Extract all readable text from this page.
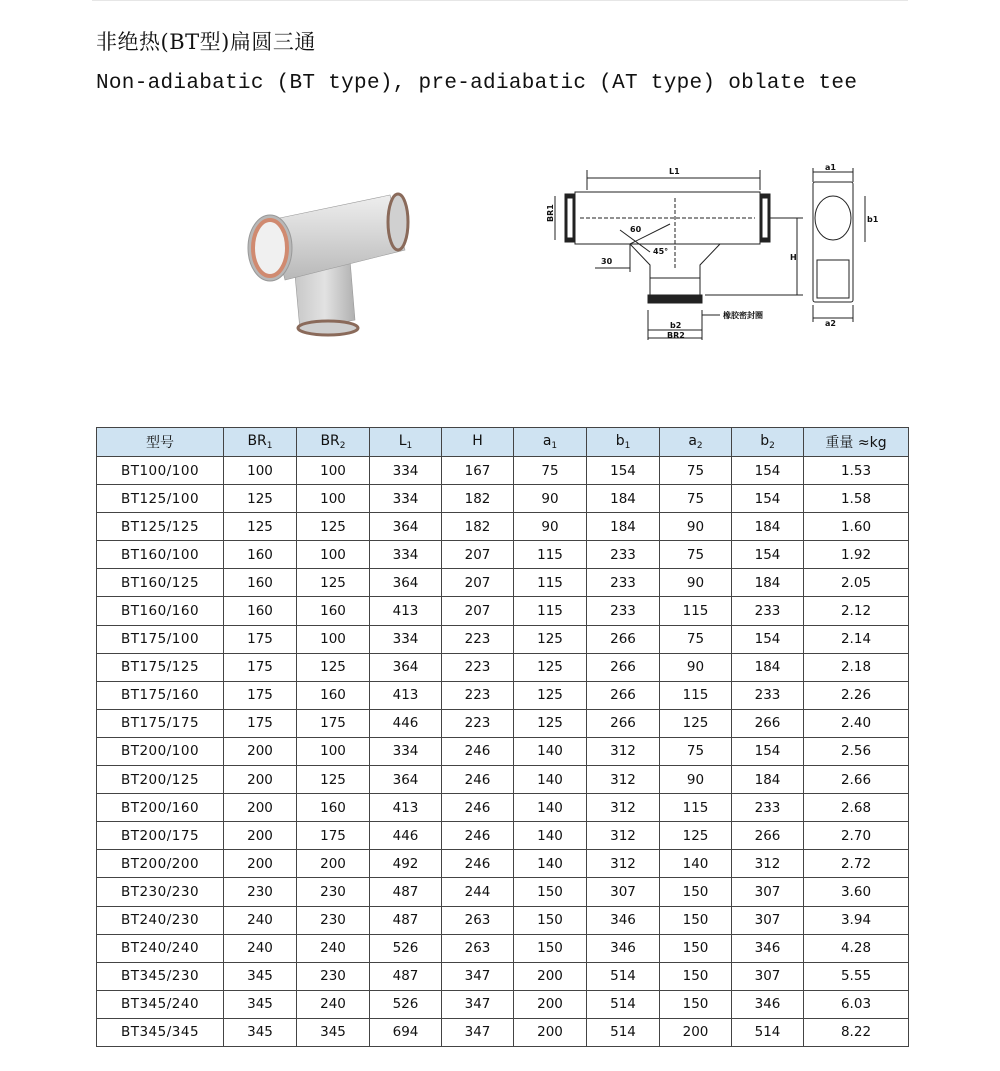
非绝热(BT型)扁圆三通
Non-adiabatic (BT type), pre-adiabatic (AT type) oblate tee
L1
BR1
a1
b1
H
60
45°
30
橡胶密封圈
b2
BR2
a2
型号	$BR_1$	$BR_2$	$L_1$	H	$a_1$	$b_1$	$a_2$	$b_2$	重量 ≈kg
BT100/100	100	100	334	167	75	154	75	154	1.53
BT125/100	125	100	334	182	90	184	75	154	1.58
BT125/125	125	125	364	182	90	184	90	184	1.60
BT160/100	160	100	334	207	115	233	75	154	1.92
BT160/125	160	125	364	207	115	233	90	184	2.05
BT160/160	160	160	413	207	115	233	115	233	2.12
BT175/100	175	100	334	223	125	266	75	154	2.14
BT175/125	175	125	364	223	125	266	90	184	2.18
BT175/160	175	160	413	223	125	266	115	233	2.26
BT175/175	175	175	446	223	125	266	125	266	2.40
BT200/100	200	100	334	246	140	312	75	154	2.56
BT200/125	200	125	364	246	140	312	90	184	2.66
BT200/160	200	160	413	246	140	312	115	233	2.68
BT200/175	200	175	446	246	140	312	125	266	2.70
BT200/200	200	200	492	246	140	312	140	312	2.72
BT230/230	230	230	487	244	150	307	150	307	3.60
BT240/230	240	230	487	263	150	346	150	307	3.94
BT240/240	240	240	526	263	150	346	150	346	4.28
BT345/230	345	230	487	347	200	514	150	307	5.55
BT345/240	345	240	526	347	200	514	150	346	6.03
BT345/345	345	345	694	347	200	514	200	514	8.22
